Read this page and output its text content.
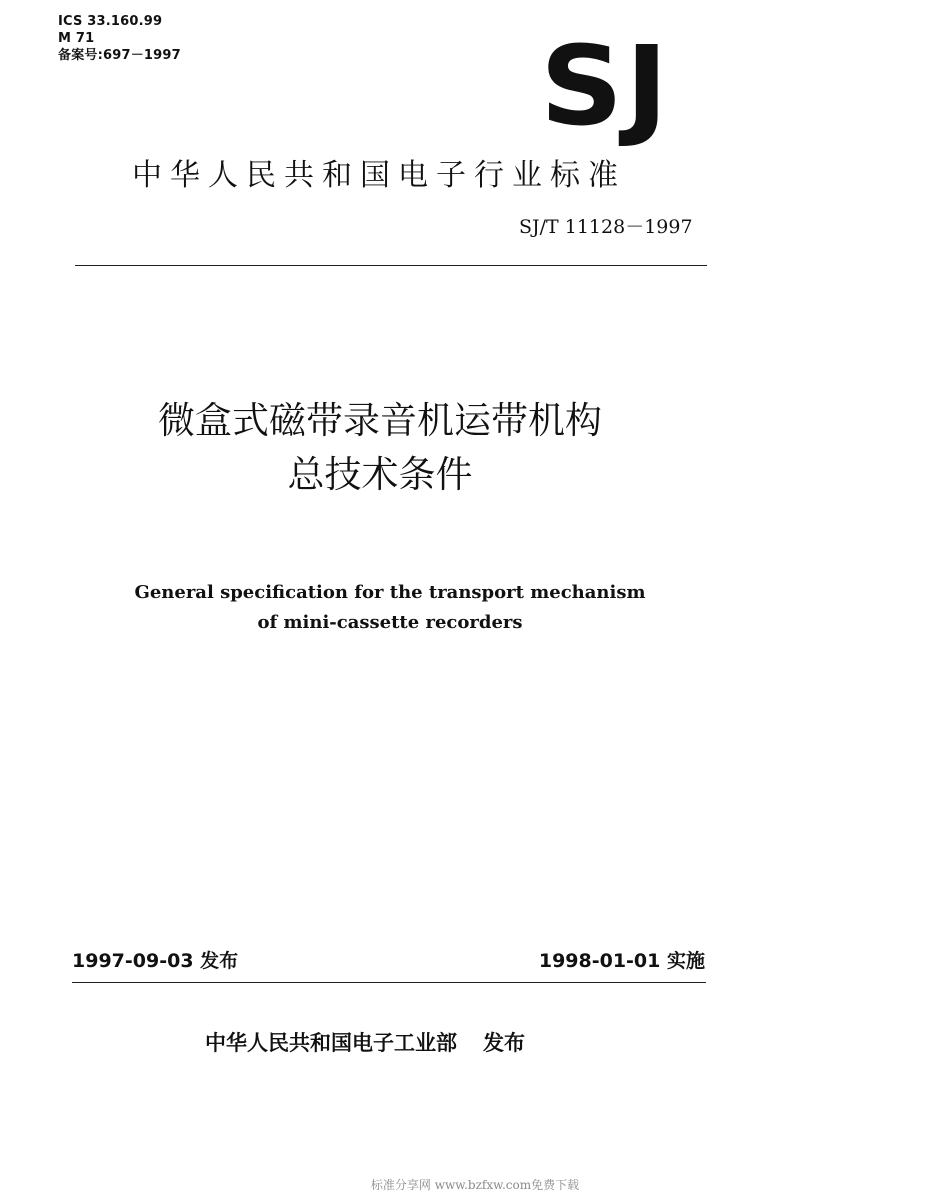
ICS 33.160.99
M 71
备案号:697－1997	SJ
中华人民共和国电子行业标准
SJ/T 11128－1997
微盒式磁带录音机运带机构
总技术条件
General specification for the transport mechanism
of mini-cassette recorders
1997-09-03 发布	1998-01-01 实施
中华人民共和国电子工业部 发布
标准分享网 www.bzfxw.com免费下载
